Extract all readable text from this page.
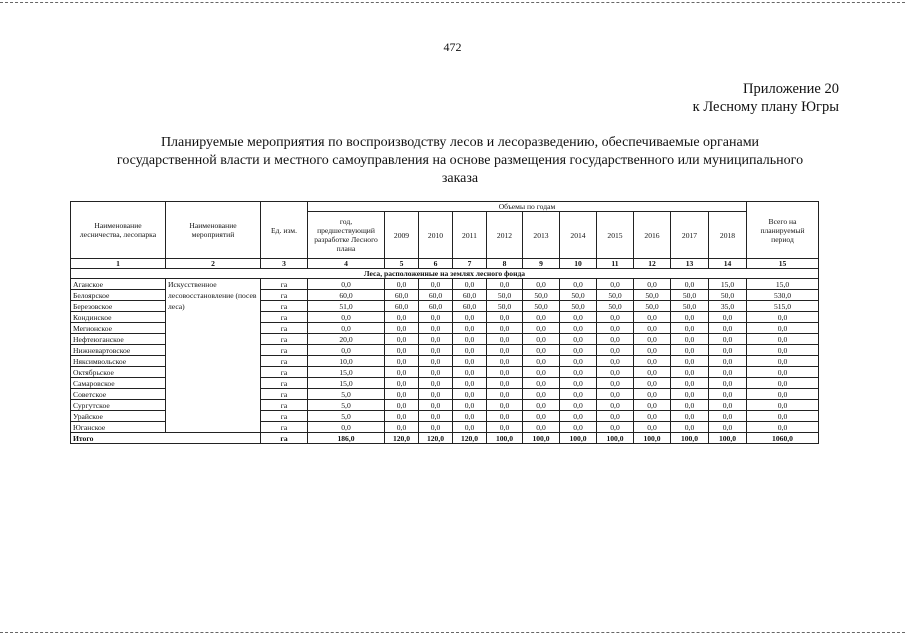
472
Приложение 20
к Лесному плану Югры
Планируемые мероприятия по воспроизводству лесов и лесоразведению, обеспечиваемые органами
государственной власти и местного самоуправления на основе размещения государственного или муниципального
заказа
Наименование лесничества, лесопарка	Наименование мероприятий	Ед. изм.	Объемы по годам											Всего на планируемый период
			год, предшествующий разработке Лесного плана	2009	2010	2011	2012	2013	2014	2015	2016	2017	2018	
1	2	3	4	5	6	7	8	9	10	11	12	13	14	15
Леса, расположенные на землях лесного фонда														
Аганское	Искусственное лесовосстановление (посев леса)	га	0,0	0,0	0,0	0,0	0,0	0,0	0,0	0,0	0,0	0,0	15,0	15,0
Белоярское		га	60,0	60,0	60,0	60,0	50,0	50,0	50,0	50,0	50,0	50,0	50,0	530,0
Березовское		га	51,0	60,0	60,0	60,0	50,0	50,0	50,0	50,0	50,0	50,0	35,0	515,0
Кондинское		га	0,0	0,0	0,0	0,0	0,0	0,0	0,0	0,0	0,0	0,0	0,0	0,0
Мегионское		га	0,0	0,0	0,0	0,0	0,0	0,0	0,0	0,0	0,0	0,0	0,0	0,0
Нефтеюганское		га	20,0	0,0	0,0	0,0	0,0	0,0	0,0	0,0	0,0	0,0	0,0	0,0
Нижневартовское		га	0,0	0,0	0,0	0,0	0,0	0,0	0,0	0,0	0,0	0,0	0,0	0,0
Няксимвольское		га	10,0	0,0	0,0	0,0	0,0	0,0	0,0	0,0	0,0	0,0	0,0	0,0
Октябрьское		га	15,0	0,0	0,0	0,0	0,0	0,0	0,0	0,0	0,0	0,0	0,0	0,0
Самаровское		га	15,0	0,0	0,0	0,0	0,0	0,0	0,0	0,0	0,0	0,0	0,0	0,0
Советское		га	5,0	0,0	0,0	0,0	0,0	0,0	0,0	0,0	0,0	0,0	0,0	0,0
Сургутское		га	5,0	0,0	0,0	0,0	0,0	0,0	0,0	0,0	0,0	0,0	0,0	0,0
Урайское		га	5,0	0,0	0,0	0,0	0,0	0,0	0,0	0,0	0,0	0,0	0,0	0,0
Юганское		га	0,0	0,0	0,0	0,0	0,0	0,0	0,0	0,0	0,0	0,0	0,0	0,0
Итого		га	186,0	120,0	120,0	120,0	100,0	100,0	100,0	100,0	100,0	100,0	100,0	1060,0
